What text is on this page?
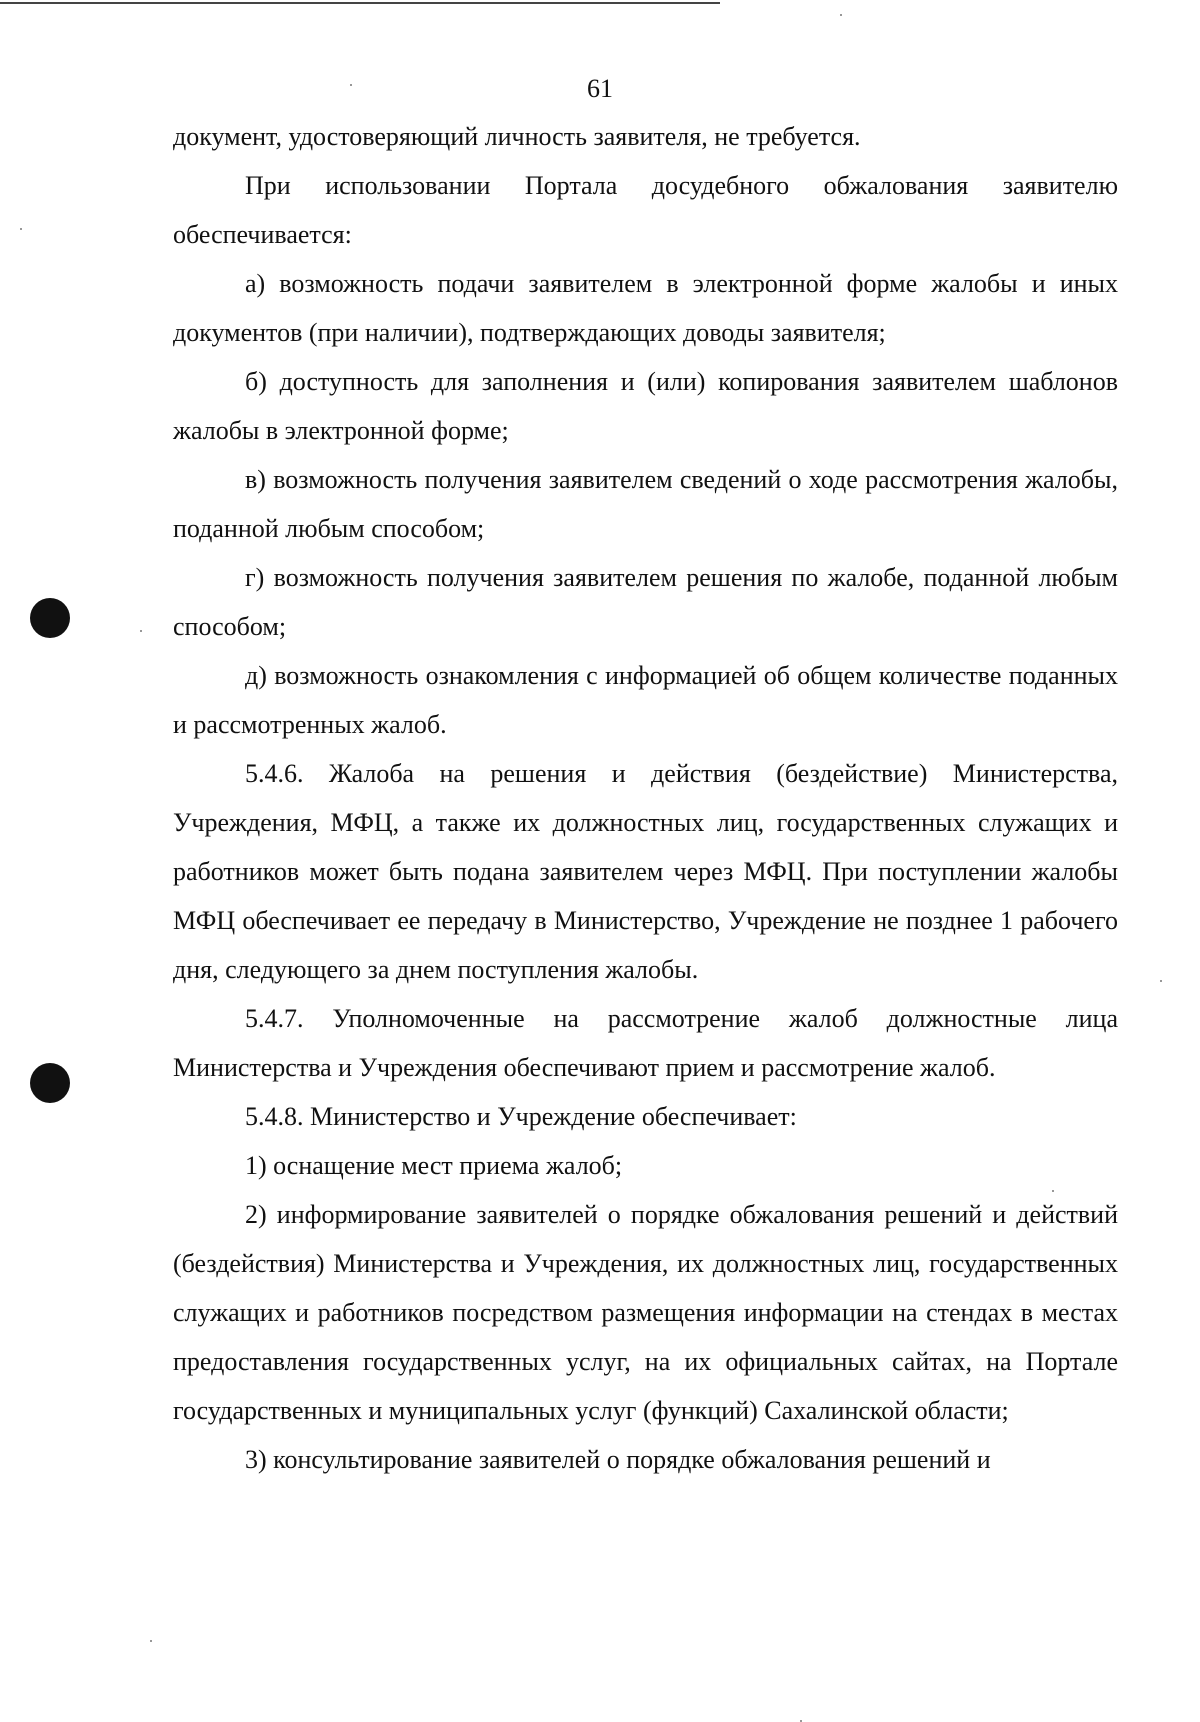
61

документ, удостоверяющий личность заявителя, не требуется.

При использовании Портала досудебного обжалования заявителю обеспечивается:

а) возможность подачи заявителем в электронной форме жалобы и иных документов (при наличии), подтверждающих доводы заявителя;

б) доступность для заполнения и (или) копирования заявителем шаблонов жалобы в электронной форме;

в) возможность получения заявителем сведений о ходе рассмотрения жалобы, поданной любым способом;

г) возможность получения заявителем решения по жалобе, поданной любым способом;

д) возможность ознакомления с информацией об общем количестве поданных и рассмотренных жалоб.

5.4.6. Жалоба на решения и действия (бездействие) Министерства, Учреждения, МФЦ, а также их должностных лиц, государственных служащих и работников может быть подана заявителем через МФЦ. При поступлении жалобы МФЦ обеспечивает ее передачу в Министерство, Учреждение не позднее 1 рабочего дня, следующего за днем поступления жалобы.

5.4.7. Уполномоченные на рассмотрение жалоб должностные лица Министерства и Учреждения обеспечивают прием и рассмотрение жалоб.

5.4.8. Министерство и Учреждение обеспечивает:

1) оснащение мест приема жалоб;

2) информирование заявителей о порядке обжалования решений и действий (бездействия) Министерства и Учреждения, их должностных лиц, государственных служащих и работников посредством размещения информации на стендах в местах предоставления государственных услуг, на их официальных сайтах, на Портале государственных и муниципальных услуг (функций) Сахалинской области;

3) консультирование заявителей о порядке обжалования решений и
